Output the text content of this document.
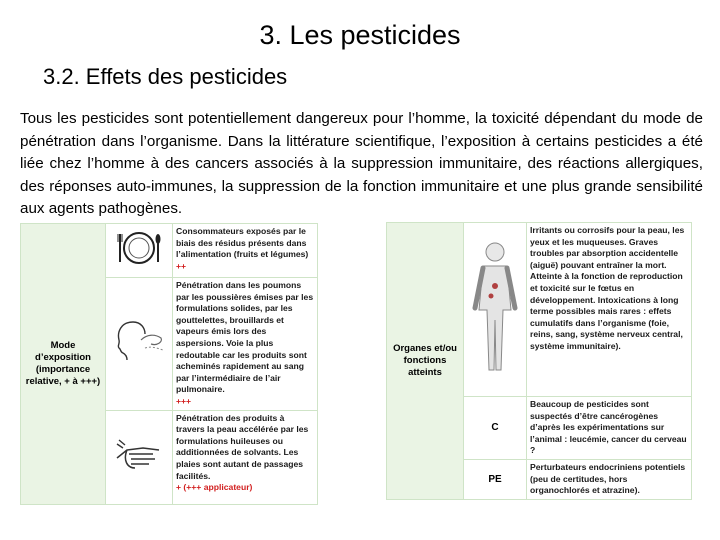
3. Les pesticides
3.2. Effets des pesticides
Tous les pesticides sont potentiellement dangereux pour l’homme, la toxicité dépendant du mode de pénétration dans l’organisme. Dans la littérature scientifique, l’exposition à certains pesticides a été liée chez l’homme à des cancers associés à la suppression immunitaire, des réactions allergiques, des réponses auto-immunes, la suppression de la fonction immunitaire et une plus grande sensibilité aux agents pathogènes.
Mode d’exposition (importance relative, + à +++)		Consommateurs exposés par le biais des résidus présents dans l’alimentation (fruits et légumes)
++

	Pénétration dans les poumons par les poussières émises par les formulations solides, par les gouttelettes, brouillards et vapeurs émis lors des aspersions. Voie la plus redoutable car les produits sont acheminés rapidement au sang par l’intermédiaire de l’air pulmonaire.
+++

	Pénétration des produits à travers la peau accélérée par les formulations huileuses ou additionnées de solvants. Les plaies sont autant de passages facilités.
+ (+++ applicateur)
Organes et/ou fonctions atteints		Irritants ou corrosifs pour la peau, les yeux et les muqueuses. Graves troubles par absorption accidentelle (aiguë) pouvant entraîner la mort. Atteinte à la fonction de reproduction et toxicité sur le fœtus en développement. Intoxications à long terme possibles mais rares : effets cumulatifs dans l’organisme (foie, reins, sang, système nerveux central, système immunitaire).
	C	Beaucoup de pesticides sont suspectés d’être cancérogènes d’après les expérimentations sur l’animal : leucémie, cancer du cerveau ?
	PE	Perturbateurs endocriniens potentiels (peu de certitudes, hors organochlorés et atrazine).
